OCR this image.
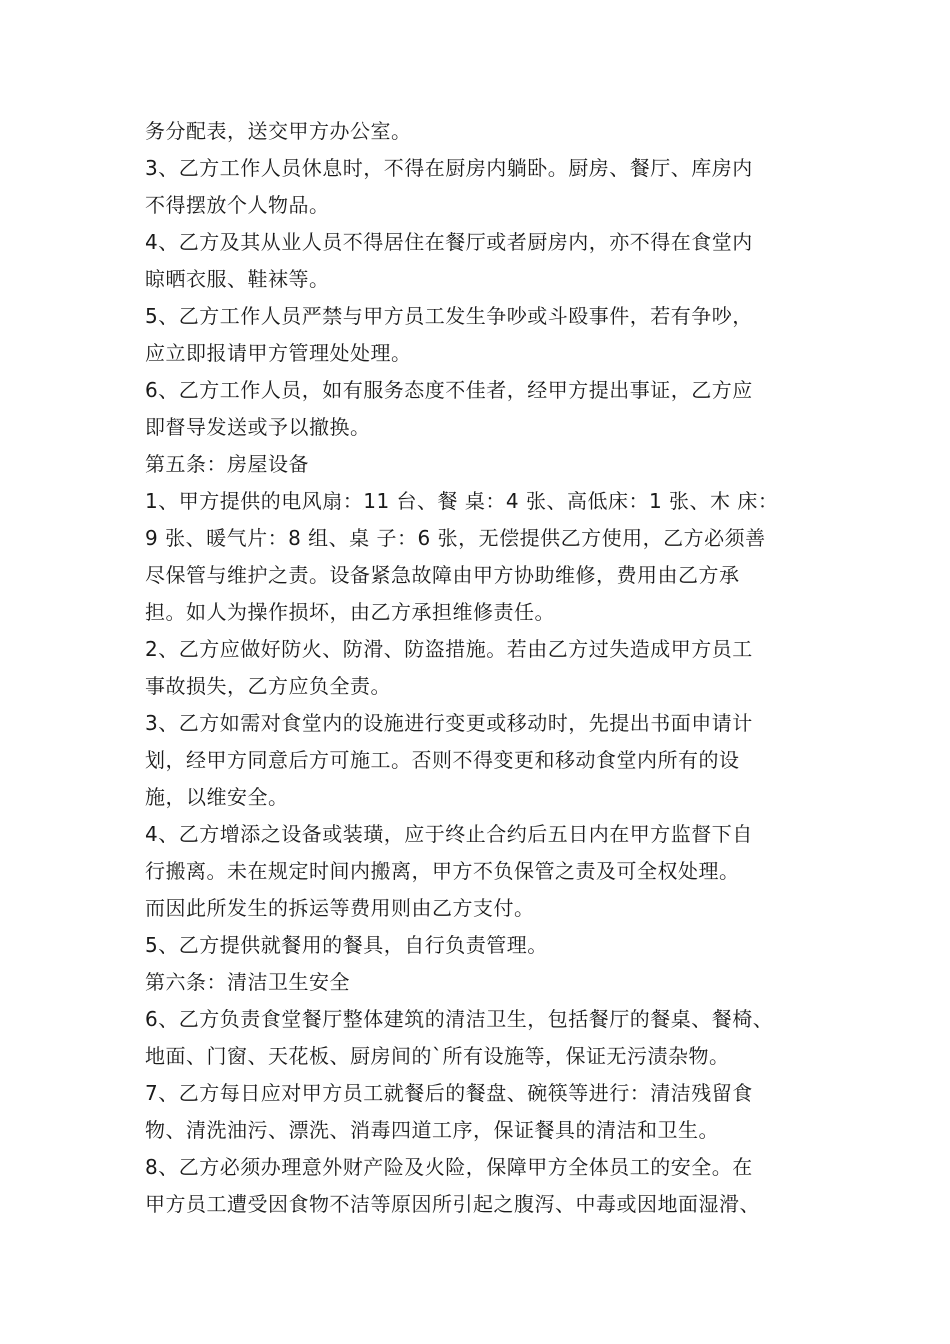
务分配表，送交甲方办公室。
3、乙方工作人员休息时，不得在厨房内躺卧。厨房、餐厅、库房内
不得摆放个人物品。
4、乙方及其从业人员不得居住在餐厅或者厨房内，亦不得在食堂内
晾晒衣服、鞋袜等。
5、乙方工作人员严禁与甲方员工发生争吵或斗殴事件，若有争吵，
应立即报请甲方管理处处理。
6、乙方工作人员，如有服务态度不佳者，经甲方提出事证，乙方应
即督导发送或予以撤换。
第五条：房屋设备
1、甲方提供的电风扇：11 台、餐 桌：4 张、高低床：1 张、木 床：
9 张、暖气片：8 组、桌 子：6 张，无偿提供乙方使用，乙方必须善
尽保管与维护之责。设备紧急故障由甲方协助维修，费用由乙方承
担。如人为操作损坏，由乙方承担维修责任。
2、乙方应做好防火、防滑、防盗措施。若由乙方过失造成甲方员工
事故损失，乙方应负全责。
3、乙方如需对食堂内的设施进行变更或移动时，先提出书面申请计
划，经甲方同意后方可施工。否则不得变更和移动食堂内所有的设
施，以维安全。
4、乙方增添之设备或装璜，应于终止合约后五日内在甲方监督下自
行搬离。未在规定时间内搬离，甲方不负保管之责及可全权处理。
而因此所发生的拆运等费用则由乙方支付。
5、乙方提供就餐用的餐具，自行负责管理。
第六条：清洁卫生安全
6、乙方负责食堂餐厅整体建筑的清洁卫生，包括餐厅的餐桌、餐椅、
地面、门窗、天花板、厨房间的`所有设施等，保证无污渍杂物。
7、乙方每日应对甲方员工就餐后的餐盘、碗筷等进行：清洁残留食
物、清洗油污、漂洗、消毒四道工序，保证餐具的清洁和卫生。
8、乙方必须办理意外财产险及火险，保障甲方全体员工的安全。在
甲方员工遭受因食物不洁等原因所引起之腹泻、中毒或因地面湿滑、
